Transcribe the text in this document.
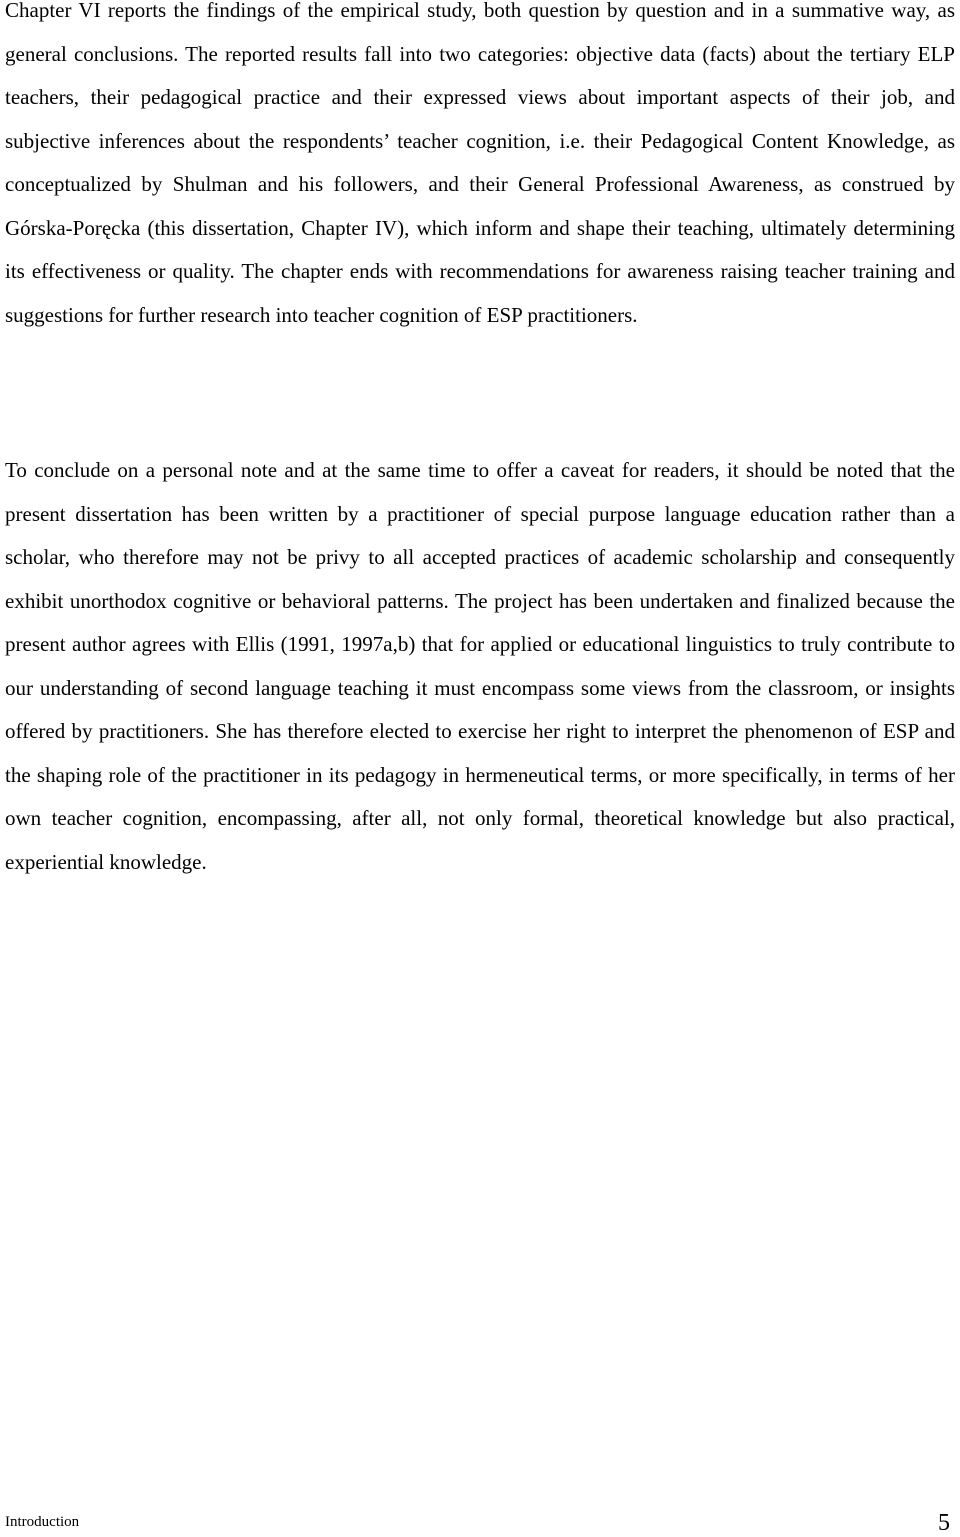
Chapter VI reports the findings of the empirical study, both question by question and in a summative way, as general conclusions. The reported results fall into two categories: objective data (facts) about the tertiary ELP teachers, their pedagogical practice and their expressed views about important aspects of their job, and subjective inferences about the respondents’ teacher cognition, i.e. their Pedagogical Content Knowledge, as conceptualized by Shulman and his followers, and their General Professional Awareness, as construed by Górska-Poręcka (this dissertation, Chapter IV), which inform and shape their teaching, ultimately determining its effectiveness or quality. The chapter ends with recommendations for awareness raising teacher training and suggestions for further research into teacher cognition of ESP practitioners.

To conclude on a personal note and at the same time to offer a caveat for readers, it should be noted that the present dissertation has been written by a practitioner of special purpose language education rather than a scholar, who therefore may not be privy to all accepted practices of academic scholarship and consequently exhibit unorthodox cognitive or behavioral patterns. The project has been undertaken and finalized because the present author agrees with Ellis (1991, 1997a,b) that for applied or educational linguistics to truly contribute to our understanding of second language teaching it must encompass some views from the classroom, or insights offered by practitioners. She has therefore elected to exercise her right to interpret the phenomenon of ESP and the shaping role of the practitioner in its pedagogy in hermeneutical terms, or more specifically, in terms of her own teacher cognition, encompassing, after all, not only formal, theoretical knowledge but also practical, experiential knowledge.

Introduction	5
